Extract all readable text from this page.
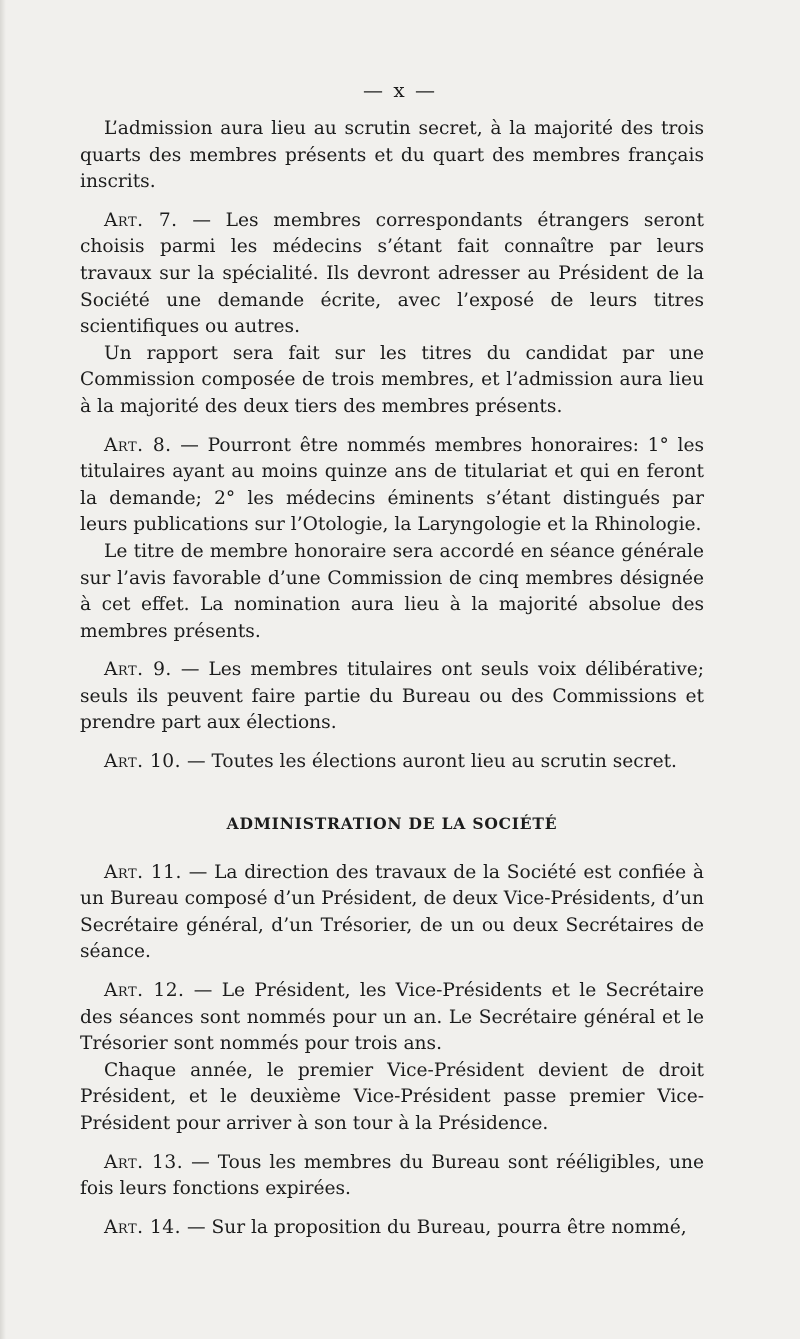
— x —

L’admission aura lieu au scrutin secret, à la majorité des trois quarts des membres présents et du quart des membres français inscrits.

Art. 7. — Les membres correspondants étrangers seront choisis parmi les médecins s’étant fait connaître par leurs travaux sur la spécialité. Ils devront adresser au Président de la Société une demande écrite, avec l’exposé de leurs titres scientifiques ou autres.

Un rapport sera fait sur les titres du candidat par une Commission composée de trois membres, et l’admission aura lieu à la majorité des deux tiers des membres présents.

Art. 8. — Pourront être nommés membres honoraires: 1° les titulaires ayant au moins quinze ans de titulariat et qui en feront la demande; 2° les médecins éminents s’étant distingués par leurs publications sur l’Otologie, la Laryngologie et la Rhinologie.

Le titre de membre honoraire sera accordé en séance générale sur l’avis favorable d’une Commission de cinq membres désignée à cet effet. La nomination aura lieu à la majorité absolue des membres présents.

Art. 9. — Les membres titulaires ont seuls voix délibérative; seuls ils peuvent faire partie du Bureau ou des Commissions et prendre part aux élections.

Art. 10. — Toutes les élections auront lieu au scrutin secret.

ADMINISTRATION DE LA SOCIÉTÉ

Art. 11. — La direction des travaux de la Société est confiée à un Bureau composé d’un Président, de deux Vice-Présidents, d’un Secrétaire général, d’un Trésorier, de un ou deux Secrétaires de séance.

Art. 12. — Le Président, les Vice-Présidents et le Secrétaire des séances sont nommés pour un an. Le Secrétaire général et le Trésorier sont nommés pour trois ans.

Chaque année, le premier Vice-Président devient de droit Président, et le deuxième Vice-Président passe premier Vice-Président pour arriver à son tour à la Présidence.

Art. 13. — Tous les membres du Bureau sont rééligibles, une fois leurs fonctions expirées.

Art. 14. — Sur la proposition du Bureau, pourra être nommé,
